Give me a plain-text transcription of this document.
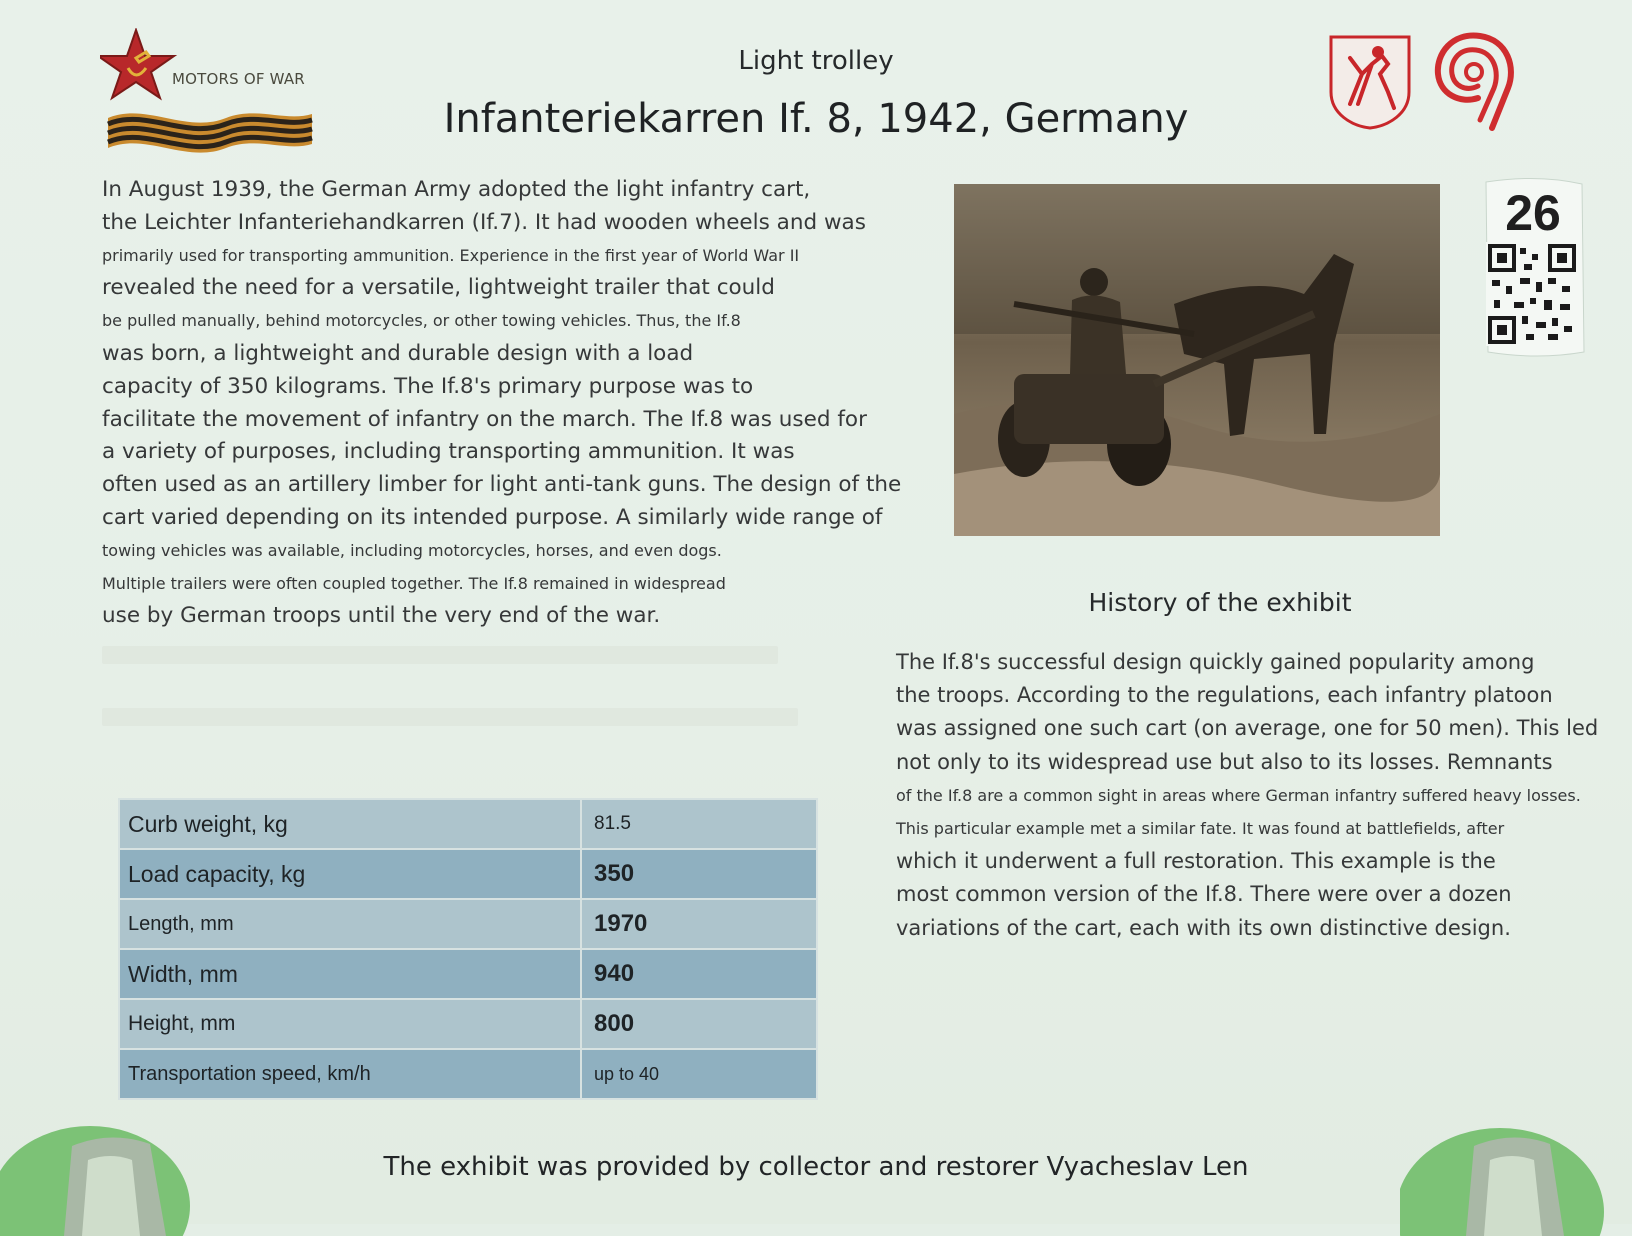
MOTORS OF WAR
Light trolley
Infanteriekarren If. 8, 1942, Germany
In August 1939, the German Army adopted the light infantry cart,
the Leichter Infanteriehandkarren (If.7). It had wooden wheels and was
primarily used for transporting ammunition. Experience in the first year of World War II
revealed the need for a versatile, lightweight trailer that could
be pulled manually, behind motorcycles, or other towing vehicles. Thus, the If.8
was born, a lightweight and durable design with a load
capacity of 350 kilograms. The If.8's primary purpose was to
facilitate the movement of infantry on the march. The If.8 was used for
a variety of purposes, including transporting ammunition. It was
often used as an artillery limber for light anti-tank guns. The design of the
cart varied depending on its intended purpose. A similarly wide range of
towing vehicles was available, including motorcycles, horses, and even dogs.
Multiple trailers were often coupled together. The If.8 remained in widespread
use by German troops until the very end of the war.
Curb weight, kg	81.5
Load capacity, kg	350
Length, mm	1970
Width, mm	940
Height, mm	800
Transportation speed, km/h	up to 40
26
History of the exhibit
The If.8's successful design quickly gained popularity among
the troops. According to the regulations, each infantry platoon
was assigned one such cart (on average, one for 50 men). This led
not only to its widespread use but also to its losses. Remnants
of the If.8 are a common sight in areas where German infantry suffered heavy losses.
This particular example met a similar fate. It was found at battlefields, after
which it underwent a full restoration. This example is the
most common version of the If.8. There were over a dozen
variations of the cart, each with its own distinctive design.
The exhibit was provided by collector and restorer Vyacheslav Len
